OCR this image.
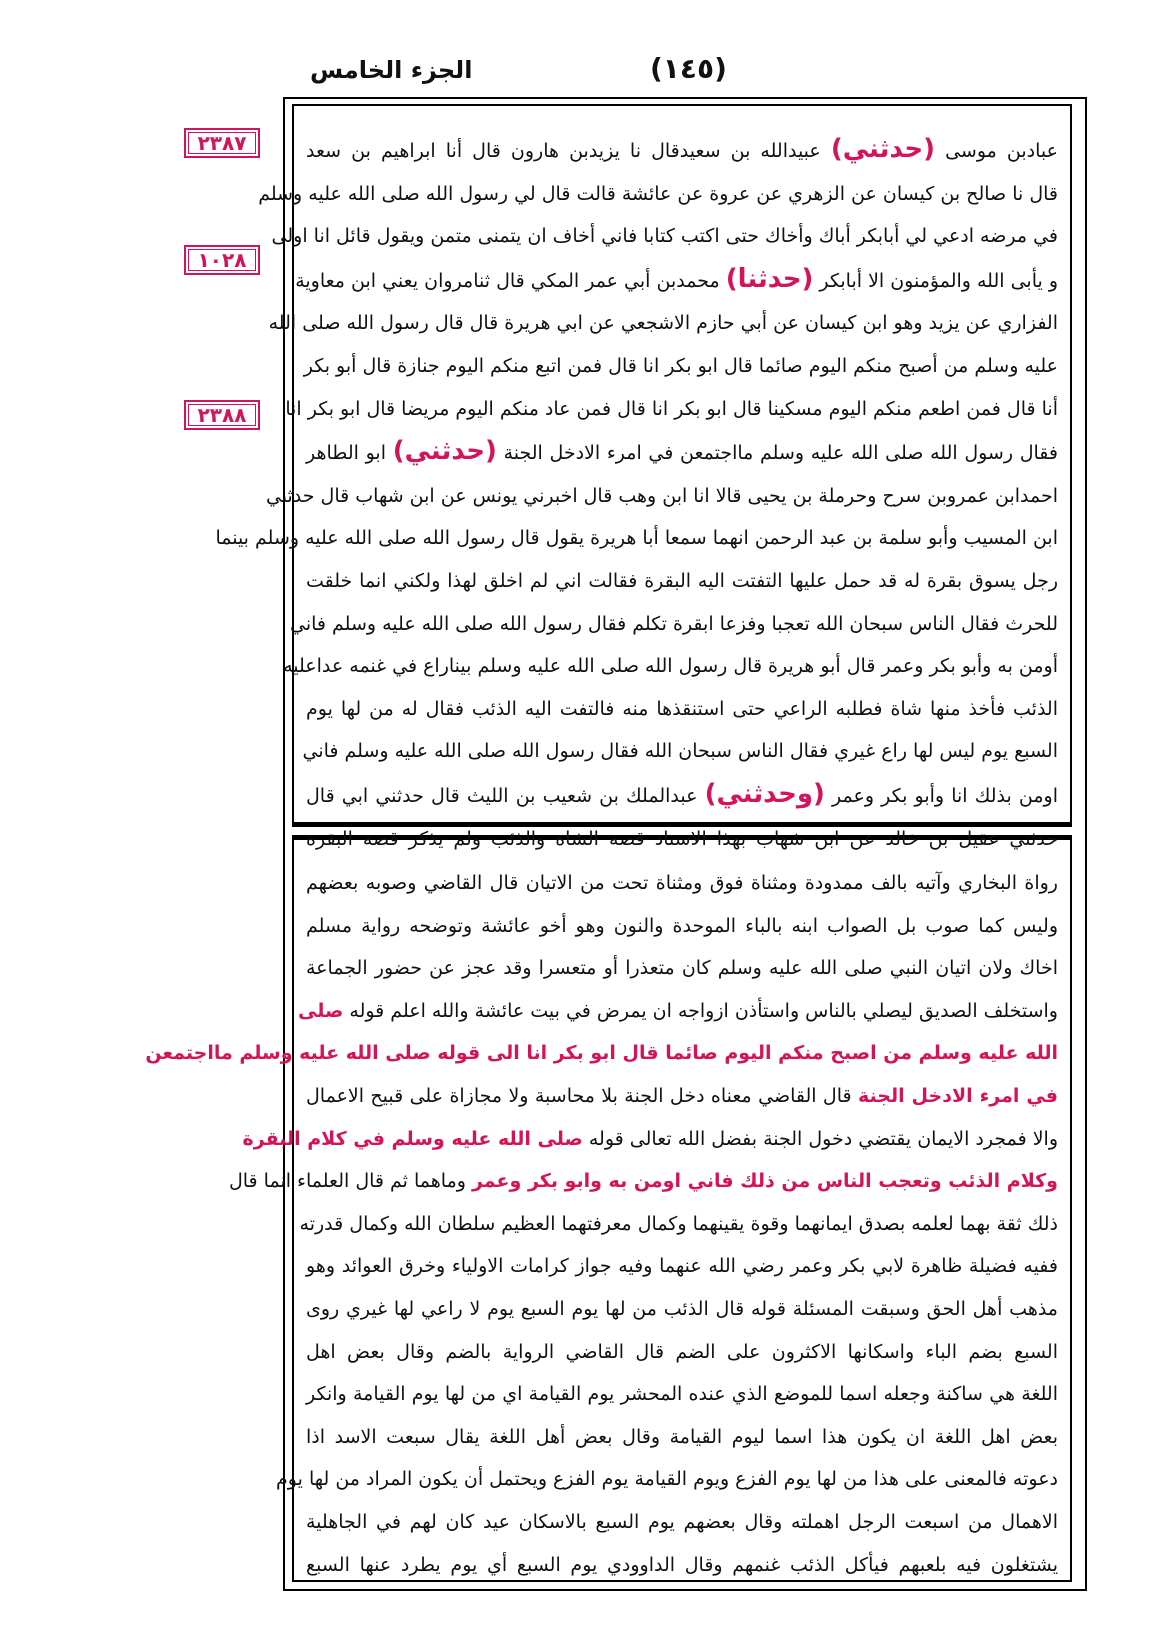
الجزء الخامس	(١٤٥)
٢٣٨٧
١٠٢٨
٢٣٨٨
عبادبن موسى (حدثني) عبيدالله بن سعيدقال نا يزيدبن هارون قال أنا ابراهيم بن سعد
قال نا صالح بن كيسان عن الزهري عن عروة عن عائشة قالت قال لي رسول الله صلى الله عليه وسلم
في مرضه ادعي لي أبابكر أباك وأخاك حتى اكتب كتابا فاني أخاف ان يتمنى متمن ويقول قائل انا اولى
و يأبى الله والمؤمنون الا أبابكر (حدثنا) محمدبن أبي عمر المكي قال ثنامروان يعني ابن معاوية
الفزاري عن يزيد وهو ابن كيسان عن أبي حازم الاشجعي عن ابي هريرة قال قال رسول الله صلى الله
عليه وسلم من أصبح منكم اليوم صائما قال ابو بكر انا قال فمن اتبع منكم اليوم جنازة قال أبو بكر
أنا قال فمن اطعم منكم اليوم مسكينا قال ابو بكر انا قال فمن عاد منكم اليوم مريضا قال ابو بكر انا
فقال رسول الله صلى الله عليه وسلم مااجتمعن في امرء الادخل الجنة (حدثني) ابو الطاهر
احمدابن عمروبن سرح وحرملة بن يحيى قالا انا ابن وهب قال اخبرني يونس عن ابن شهاب قال حدثني
ابن المسيب وأبو سلمة بن عبد الرحمن انهما سمعا أبا هريرة يقول قال رسول الله صلى الله عليه وسلم بينما
رجل يسوق بقرة له قد حمل عليها التفتت اليه البقرة فقالت اني لم اخلق لهذا ولكني انما خلقت
للحرث فقال الناس سبحان الله تعجبا وفزعا ابقرة تكلم فقال رسول الله صلى الله عليه وسلم فاني
أومن به وأبو بكر وعمر قال أبو هريرة قال رسول الله صلى الله عليه وسلم بيناراع في غنمه عداعليه
الذئب فأخذ منها شاة فطلبه الراعي حتى استنقذها منه فالتفت اليه الذئب فقال له من لها يوم
السبع يوم ليس لها راع غيري فقال الناس سبحان الله فقال رسول الله صلى الله عليه وسلم فاني
اومن بذلك انا وأبو بكر وعمر (وحدثني) عبدالملك بن شعيب بن الليث قال حدثني ابي قال
حدثني عقيل بن خالد عن ابن شهاب بهذا الاسناد قصة الشاة والذئب ولم يذكر قصة البقرة
رواة البخاري وآتيه بالف ممدودة ومثناة فوق ومثناة تحت من الاتيان قال القاضي وصوبه بعضهم
وليس كما صوب بل الصواب ابنه بالباء الموحدة والنون وهو أخو عائشة وتوضحه رواية مسلم
اخاك ولان اتيان النبي صلى الله عليه وسلم كان متعذرا أو متعسرا وقد عجز عن حضور الجماعة
واستخلف الصديق ليصلي بالناس واستأذن ازواجه ان يمرض في بيت عائشة والله اعلم قوله صلى
الله عليه وسلم من اصبح منكم اليوم صائما قال ابو بكر انا الى قوله صلى الله عليه وسلم مااجتمعن
في امرء الادخل الجنة قال القاضي معناه دخل الجنة بلا محاسبة ولا مجازاة على قبيح الاعمال
والا فمجرد الايمان يقتضي دخول الجنة بفضل الله تعالى قوله صلى الله عليه وسلم في كلام البقرة
وكلام الذئب وتعجب الناس من ذلك فاني اومن به وابو بكر وعمر وماهما ثم قال العلماء انما قال
ذلك ثقة بهما لعلمه بصدق ايمانهما وقوة يقينهما وكمال معرفتهما العظيم سلطان الله وكمال قدرته
ففيه فضيلة ظاهرة لابي بكر وعمر رضي الله عنهما وفيه جواز كرامات الاولياء وخرق العوائد وهو
مذهب أهل الحق وسبقت المسئلة قوله قال الذئب من لها يوم السبع يوم لا راعي لها غيري روى
السبع بضم الباء واسكانها الاكثرون على الضم قال القاضي الرواية بالضم وقال بعض اهل
اللغة هي ساكنة وجعله اسما للموضع الذي عنده المحشر يوم القيامة اي من لها يوم القيامة وانكر
بعض اهل اللغة ان يكون هذا اسما ليوم القيامة وقال بعض أهل اللغة يقال سبعت الاسد اذا
دعوته فالمعنى على هذا من لها يوم الفزع ويوم القيامة يوم الفزع ويحتمل أن يكون المراد من لها يوم
الاهمال من اسبعت الرجل اهملته وقال بعضهم يوم السبع بالاسكان عيد كان لهم في الجاهلية
يشتغلون فيه بلعبهم فيأكل الذئب غنمهم وقال الداوودي يوم السبع أي يوم يطرد عنها السبع
